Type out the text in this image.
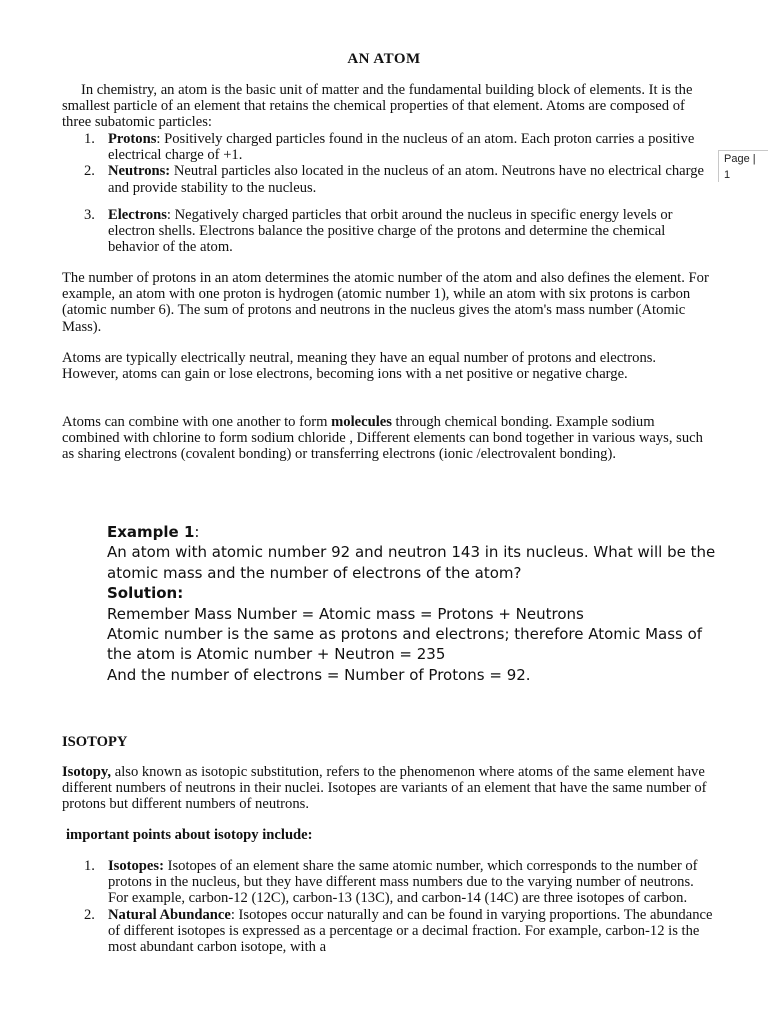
AN ATOM
Page |
1

In chemistry, an atom is the basic unit of matter and the fundamental building block of elements. It is the smallest particle of an element that retains the chemical properties of that element. Atoms are composed of three subatomic particles:

1. Protons: Positively charged particles found in the nucleus of an atom. Each proton carries a positive electrical charge of +1.
2. Neutrons: Neutral particles also located in the nucleus of an atom. Neutrons have no electrical charge and provide stability to the nucleus.
3. Electrons: Negatively charged particles that orbit around the nucleus in specific energy levels or electron shells. Electrons balance the positive charge of the protons and determine the chemical behavior of the atom.

The number of protons in an atom determines the atomic number of the atom and also defines the element. For example, an atom with one proton is hydrogen (atomic number 1), while an atom with six protons is carbon (atomic number 6). The sum of protons and neutrons in the nucleus gives the atom's mass number (Atomic Mass).

Atoms are typically electrically neutral, meaning they have an equal number of protons and electrons. However, atoms can gain or lose electrons, becoming ions with a net positive or negative charge.

Atoms can combine with one another to form molecules through chemical bonding. Example sodium combined with chlorine to form sodium chloride , Different elements can bond together in various ways, such as sharing electrons (covalent bonding) or transferring electrons (ionic /electrovalent bonding).

Example 1:

An atom with atomic number 92 and neutron 143 in its nucleus. What will be the atomic mass and the number of electrons of the atom?

Solution:

Remember Mass Number = Atomic mass = Protons + Neutrons

Atomic number is the same as protons and electrons; therefore Atomic Mass of the atom is Atomic number + Neutron = 235

And the number of electrons = Number of Protons = 92.

ISOTOPY

Isotopy, also known as isotopic substitution, refers to the phenomenon where atoms of the same element have different numbers of neutrons in their nuclei. Isotopes are variants of an element that have the same number of protons but different numbers of neutrons.

important points about isotopy include:

1. Isotopes: Isotopes of an element share the same atomic number, which corresponds to the number of protons in the nucleus, but they have different mass numbers due to the varying number of neutrons. For example, carbon-12 (12C), carbon-13 (13C), and carbon-14 (14C) are three isotopes of carbon.
2. Natural Abundance: Isotopes occur naturally and can be found in varying proportions. The abundance of different isotopes is expressed as a percentage or a decimal fraction. For example, carbon-12 is the most abundant carbon isotope, with a
